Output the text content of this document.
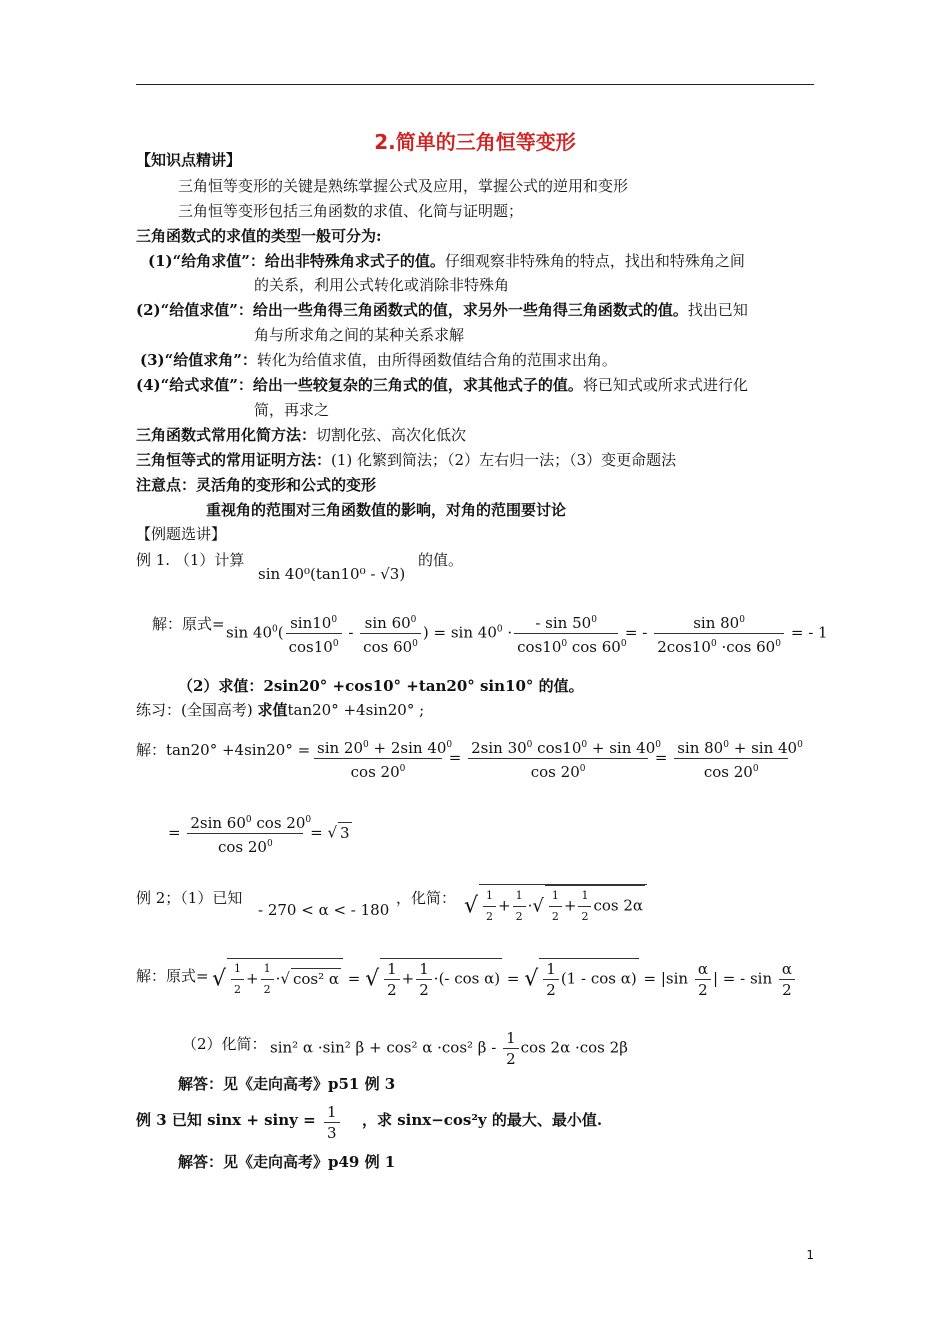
2.简单的三角恒等变形
【知识点精讲】
三角恒等变形的关键是熟练掌握公式及应用，掌握公式的逆用和变形
三角恒等变形包括三角函数的求值、化简与证明题；
三角函数式的求值的类型一般可分为:
(1)“给角求值”：给出非特殊角求式子的值。仔细观察非特殊角的特点，找出和特殊角之间
的关系，利用公式转化或消除非特殊角
(2)“给值求值”：给出一些角得三角函数式的值，求另外一些角得三角函数式的值。找出已知
角与所求角之间的某种关系求解
(3)“给值求角”：转化为给值求值，由所得函数值结合角的范围求出角。
(4)“给式求值”：给出一些较复杂的三角式的值，求其他式子的值。将已知式或所求式进行化
简，再求之
三角函数式常用化简方法：切割化弦、高次化低次
三角恒等式的常用证明方法：(1) 化繁到简法；（2）左右归一法；（3）变更命题法
注意点：灵活角的变形和公式的变形
重视角的范围对三角函数值的影响，对角的范围要讨论
【例题选讲】
例 1. （1）计算
sin 40⁰(tan10⁰ - √3)
的值。
解：原式= $\sin 40^0( \frac{\sin 10^0}{\cos 10^0} - \frac{\sin 60^0}{\cos 60^0}$ ) = $\sin 40^0 \cdot \frac{- \sin 50^0}{\cos 10^0 \cos 60^0}$ = - $\frac{\sin 80^0}{2\cos 10^0 \cdot\cos 60^0}$ = - 1
（2）求值：2sin20° +cos10° +tan20° sin10° 的值。
练习：(全国高考) 求值tan20° +4sin20° ;
解：$\tan 20^\circ +4\sin 20^\circ = \frac{\sin 20^0 + 2\sin 40^0}{\cos 20^0} = \frac{2\sin 30^0 \cos 10^0 + \sin 40^0}{\cos 20^0} = \frac{\sin 80^0 + \sin 40^0}{\cos 20^0}$
= $\frac{2\sin 60^0 \cos 20^0}{\cos 20^0}$ = √ 3
例 2；（1）已知
- 270 < α < - 180
，化简： √ $\frac{1}{2} + \frac{1}{2}$ ·√ $\frac{1}{2} + \frac{1}{2}$ cos 2α
解：原式= √ $\frac{1}{2} + \frac{1}{2}$ ·√ cos² α = √ $\frac{1}{2} + \frac{1}{2}$ ·(- cos α) = √ $\frac{1}{2} (1 - \cos \alpha) = |\sin \frac{\alpha}{2}$ | = - $\sin \frac{\alpha}{2}$
（2）化简： sin² α ·sin² β + cos² α ·cos² β - $\frac{1}{2}$ cos 2α ·cos 2β
解答：见《走向高考》p51 例 3
例 3 已知 $\sin x + \sin y = \frac{1}{3}$ ，求 sinx−cos²y 的最大、最小值.
解答：见《走向高考》p49 例 1
1
